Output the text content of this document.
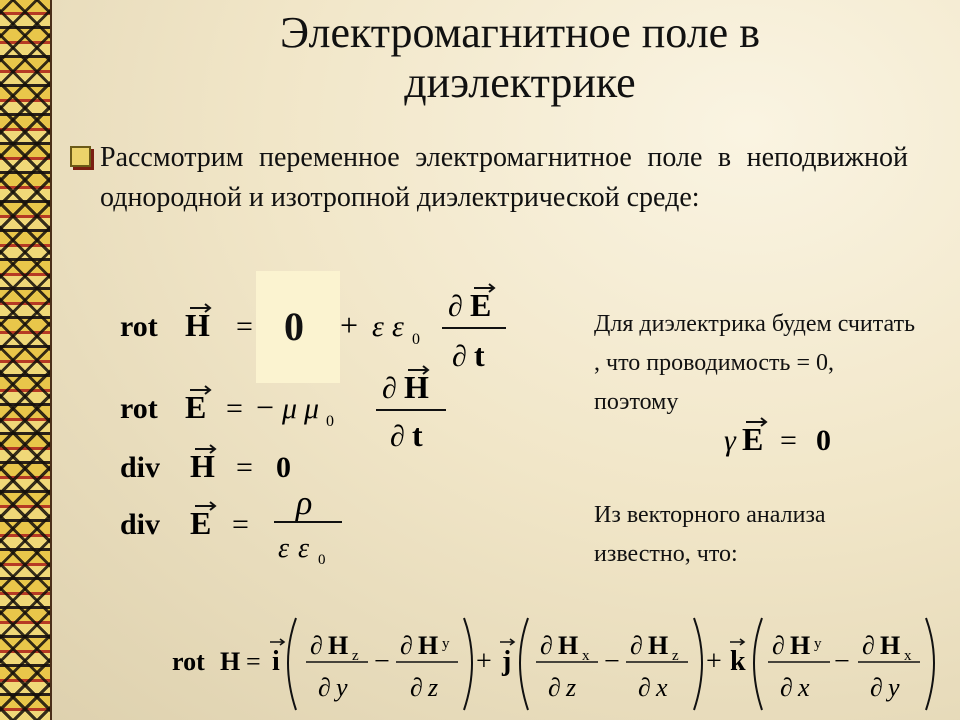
Электромагнитное поле в диэлектрике
Рассмотрим переменное электромагнитное поле в неподвижной однородной и изотропной диэлектрической среде:
0
rot H =	+ ε ε 0
∂ E
∂ t
rot E = − μ μ 0
∂ H
∂ t
div H = 0
div E =
ρ
ε ε 0
Для диэлектрика будем считать , что проводимость = 0, поэтому
γ E = 0
Из векторного анализа известно, что:
rot H = i
∂ H z
∂ y
−
∂ H y
∂ z
+ j
∂ H x
∂ z
−
∂ H z
∂ x
+ k
∂ H y
∂ x
−
∂ H x
∂ y
